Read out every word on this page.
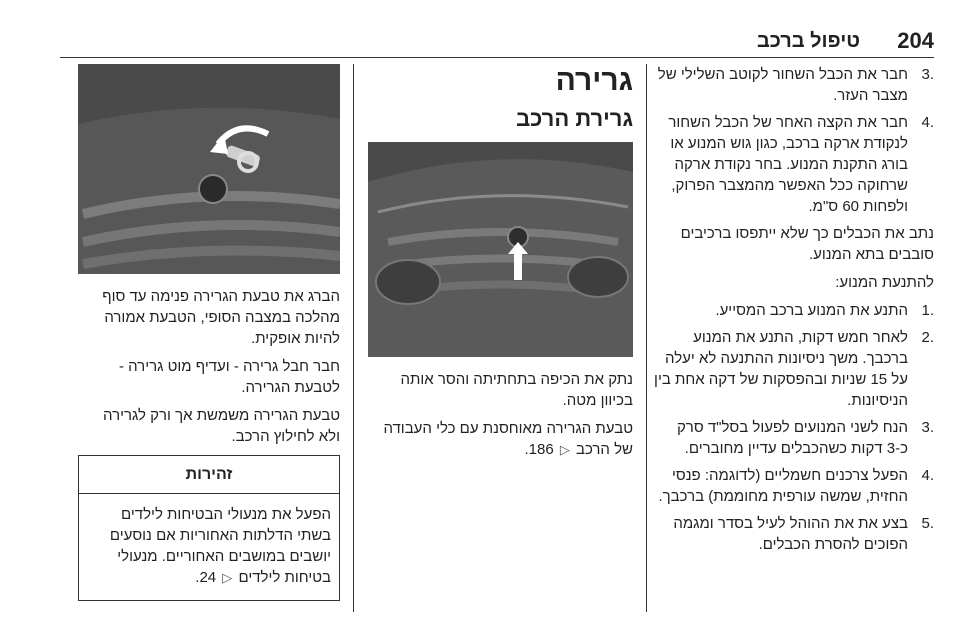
204
טיפול ברכב
.3
חבר את הכבל השחור לקוטב השלילי של מצבר העזר.
.4
חבר את הקצה האחר של הכבל השחור לנקודת ארקה ברכב, כגון גוש המנוע או בורג התקנת המנוע. בחר נקודת ארקה שרחוקה ככל האפשר מהמצבר הפרוק, ולפחות 60 ס"מ.

נתב את הכבלים כך שלא ייתפסו ברכיבים סובבים בתא המנוע.

להתנעת המנוע:

.1
התנע את המנוע ברכב המסייע.
.2
לאחר חמש דקות, התנע את המנוע ברכבך. משך ניסיונות ההתנעה לא יעלה על 15 שניות ובהפסקות של דקה אחת בין הניסיונות.
.3
הנח לשני המנועים לפעול בסל"ד סרק כ-3 דקות כשהכבלים עדיין מחוברים.
.4
הפעל צרכנים חשמליים (לדוגמה: פנסי החזית, שמשה עורפית מחוממת) ברכבך.
.5
בצע את את ההוהל לעיל בסדר ומגמה הפוכים להסרת הכבלים.
גרירה
גרירת הרכב

נתק את הכיפה בתחתיתה והסר אותה בכיוון מטה.

טבעת הגרירה מאוחסנת עם כלי העבודה של הרכב ▷ 186.

הברג את טבעת הגרירה פנימה עד סוף מהלכה במצבה הסופי, הטבעת אמורה להיות אופקית.

חבר חבל גרירה - ועדיף מוט גרירה - לטבעת הגרירה.

טבעת הגרירה משמשת אך ורק לגרירה ולא לחילוץ הרכב.

זהירות
הפעל את מנעולי הבטיחות לילדים בשתי הדלתות האחוריות אם נוסעים יושבים במושבים האחוריים. מנעולי בטיחות לילדים ▷ 24.
